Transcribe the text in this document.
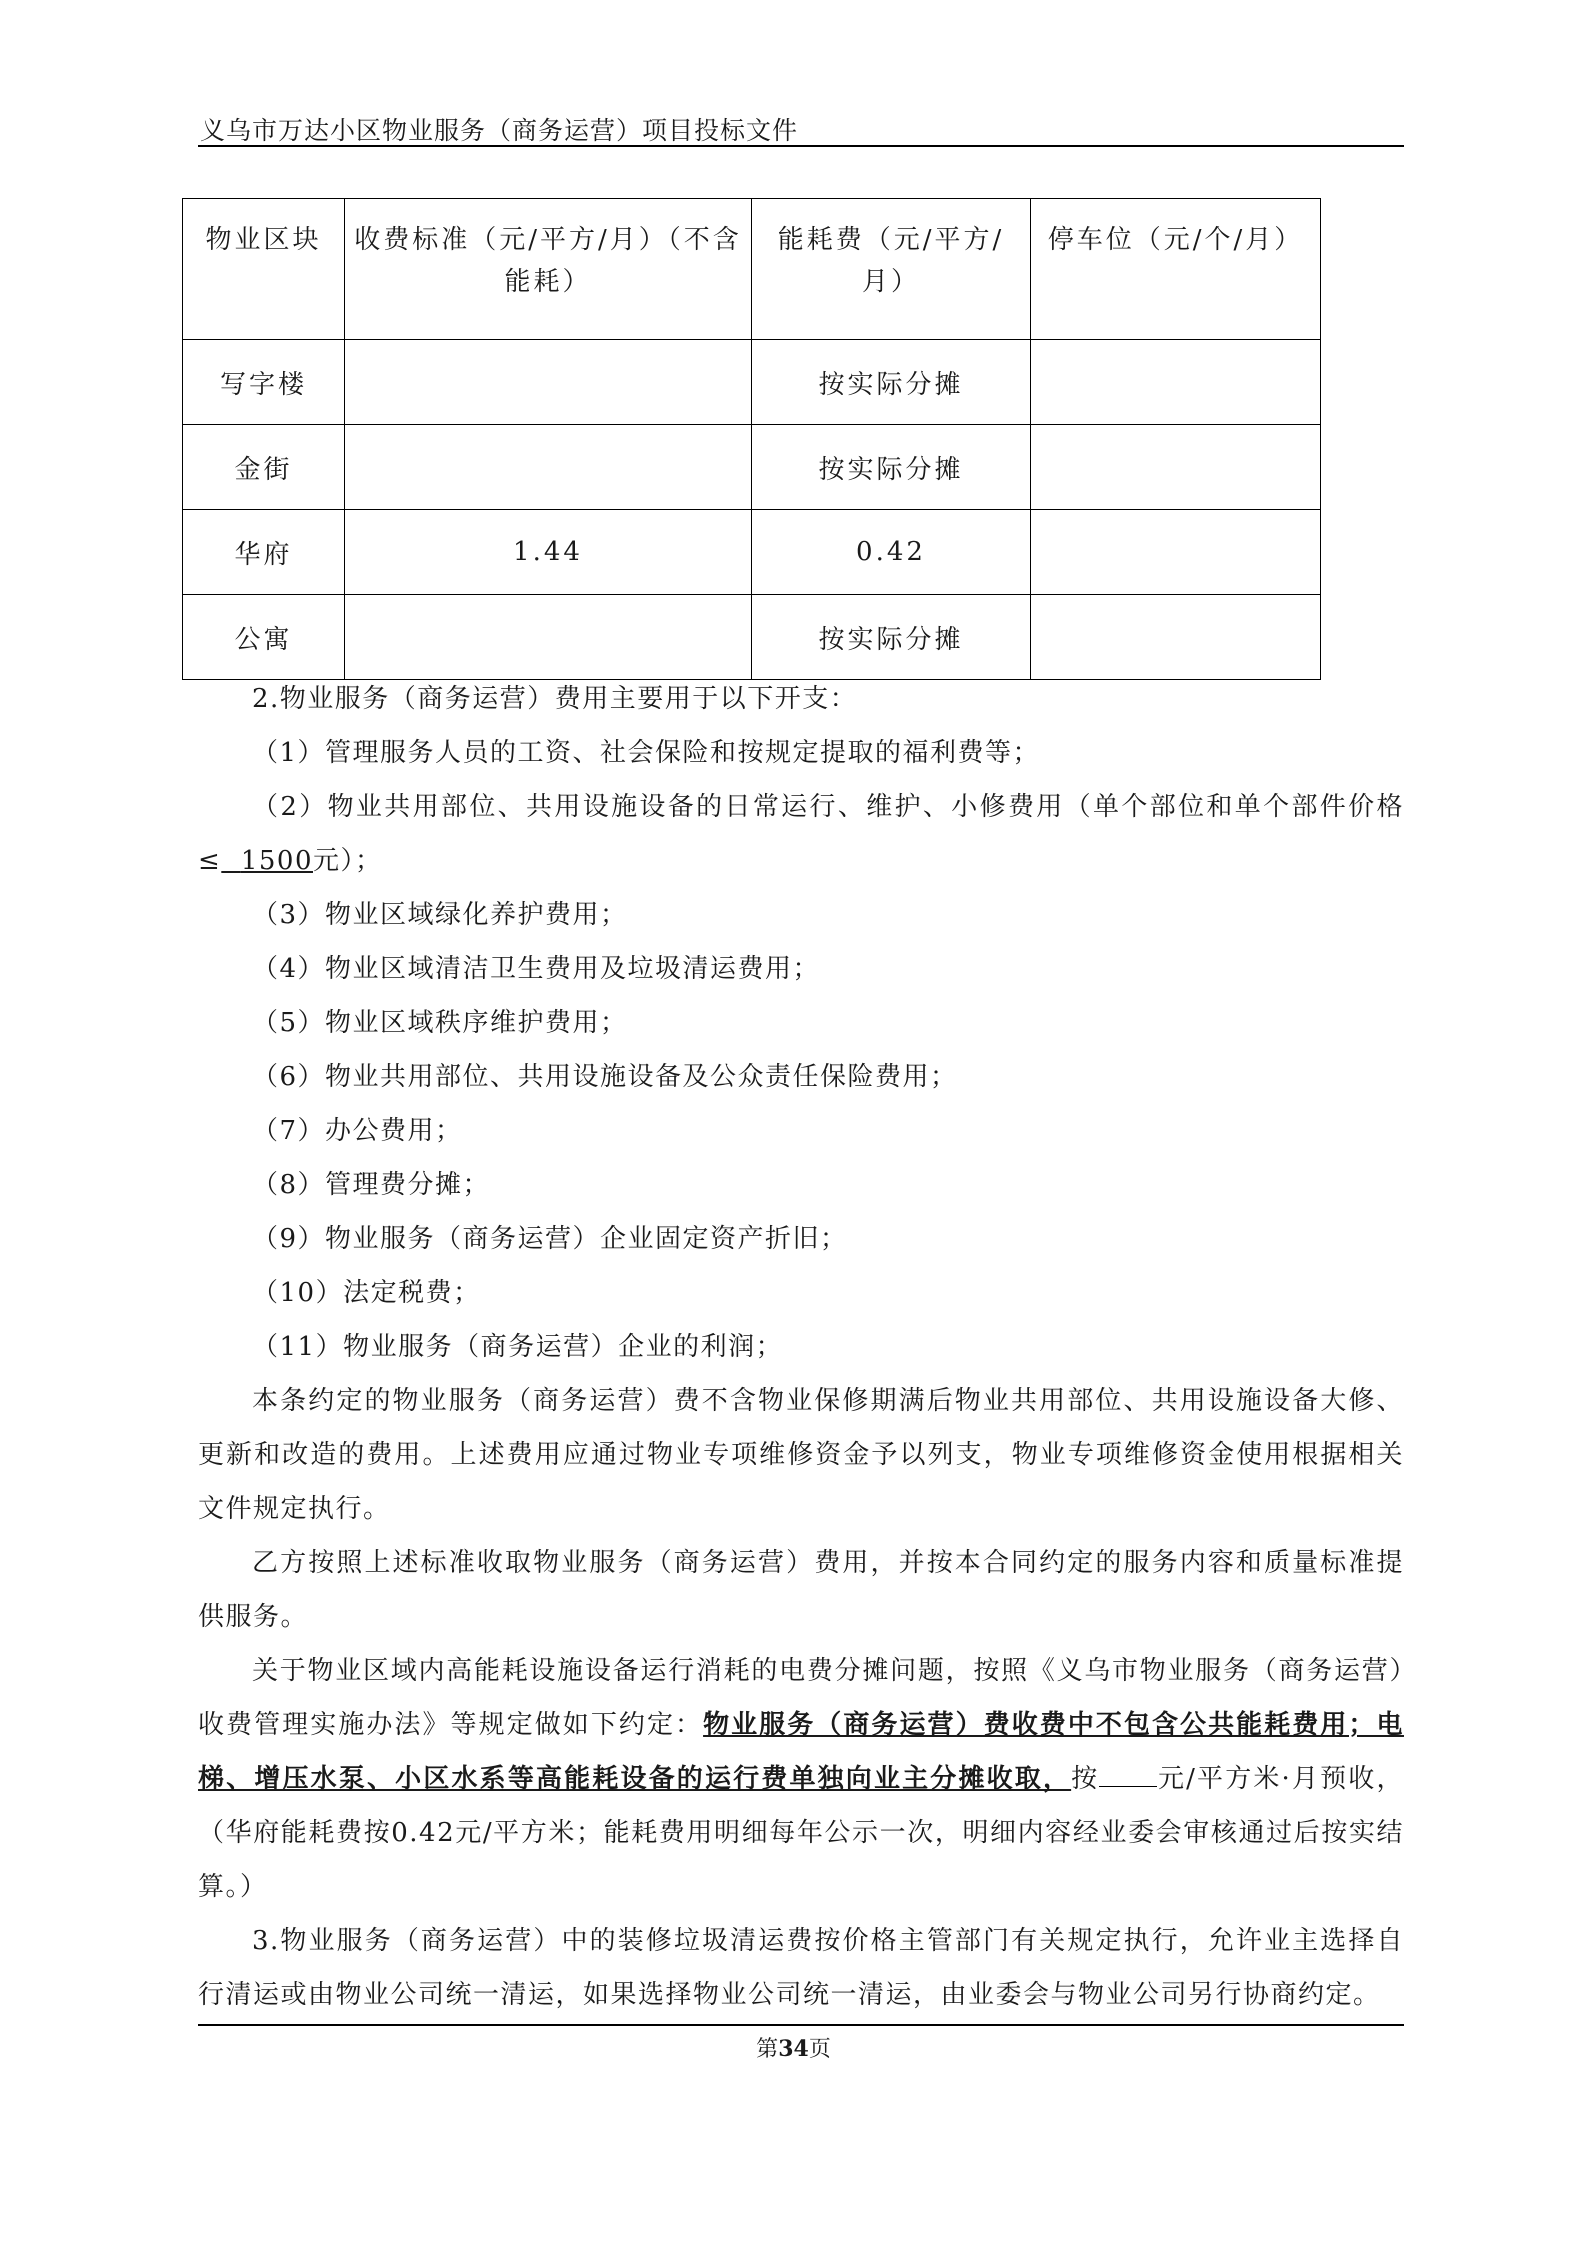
义乌市万达小区物业服务（商务运营）项目投标文件
物业区块	收费标准（元/平方/月）（不含能耗）	能耗费（元/平方/月）	停车位（元/个/月）
写字楼		按实际分摊	
金街		按实际分摊	
华府	1.44	0.42	
公寓		按实际分摊	

2.物业服务（商务运营）费用主要用于以下开支：

（1）管理服务人员的工资、社会保险和按规定提取的福利费等；

（2）物业共用部位、共用设施设备的日常运行、维护、小修费用（单个部位和单个部件价格≤ 1500元）；

（3）物业区域绿化养护费用；

（4）物业区域清洁卫生费用及垃圾清运费用；

（5）物业区域秩序维护费用；

（6）物业共用部位、共用设施设备及公众责任保险费用；

（7）办公费用；

（8）管理费分摊；

（9）物业服务（商务运营）企业固定资产折旧；

（10）法定税费；

（11）物业服务（商务运营）企业的利润；

本条约定的物业服务（商务运营）费不含物业保修期满后物业共用部位、共用设施设备大修、更新和改造的费用。上述费用应通过物业专项维修资金予以列支，物业专项维修资金使用根据相关文件规定执行。

乙方按照上述标准收取物业服务（商务运营）费用，并按本合同约定的服务内容和质量标准提供服务。

关于物业区域内高能耗设施设备运行消耗的电费分摊问题，按照《义乌市物业服务（商务运营）收费管理实施办法》等规定做如下约定：物业服务（商务运营）费收费中不包含公共能耗费用；电梯、增压水泵、小区水系等高能耗设备的运行费单独向业主分摊收取，按 元/平方米·月预收，（华府能耗费按0.42元/平方米；能耗费用明细每年公示一次，明细内容经业委会审核通过后按实结算。）

3.物业服务（商务运营）中的装修垃圾清运费按价格主管部门有关规定执行，允许业主选择自行清运或由物业公司统一清运，如果选择物业公司统一清运，由业委会与物业公司另行协商约定。

第34页
